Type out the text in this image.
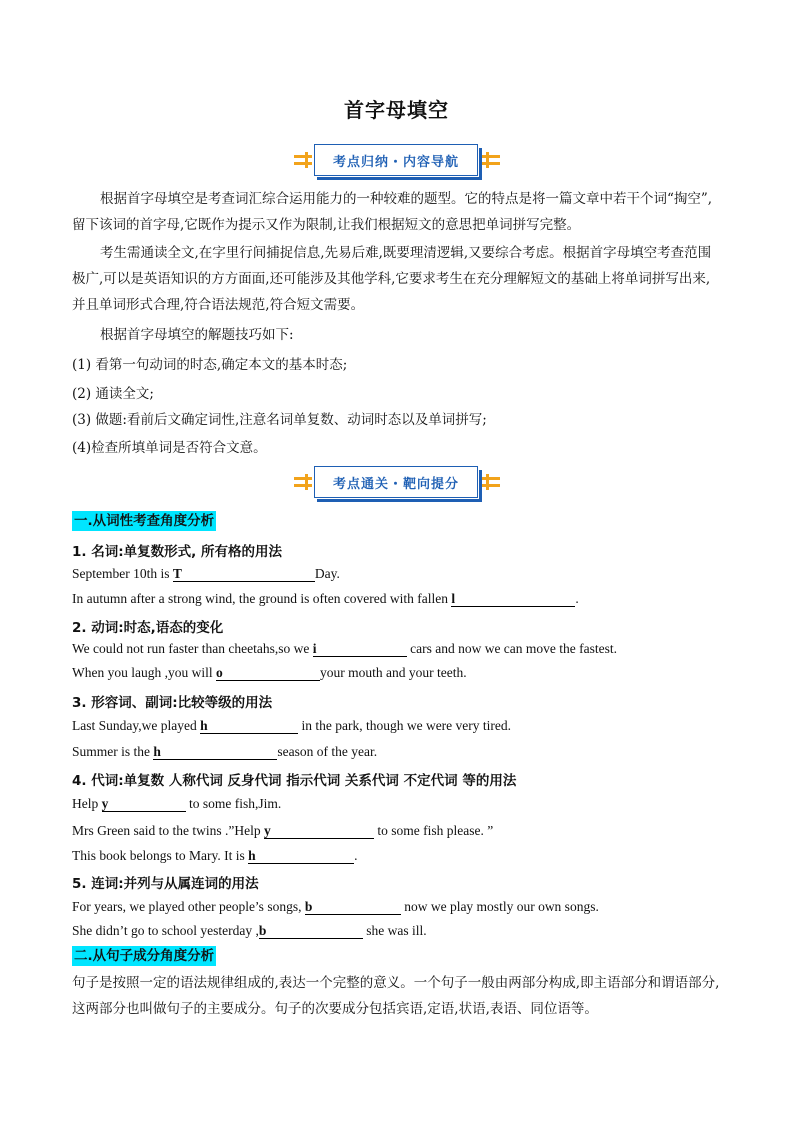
首字母填空
考点归纳・内容导航
根据首字母填空是考查词汇综合运用能力的一种较难的题型。它的特点是将一篇文章中若干个词“掏空”,留下该词的首字母,它既作为提示又作为限制,让我们根据短文的意思把单词拼写完整。
考生需通读全文,在字里行间捕捉信息,先易后难,既要理清逻辑,又要综合考虑。根据首字母填空考查范围极广,可以是英语知识的方方面面,还可能涉及其他学科,它要求考生在充分理解短文的基础上将单词拼写出来,并且单词形式合理,符合语法规范,符合短文需要。
根据首字母填空的解题技巧如下:
(1) 看第一句动词的时态,确定本文的基本时态;
(2) 通读全文;
(3) 做题:看前后文确定词性,注意名词单复数、动词时态以及单词拼写;
(4)检查所填单词是否符合文意。
考点通关・靶向提分
一.从词性考查角度分析
1. 名词:单复数形式, 所有格的用法
September 10th is T	Day.
In autumn after a strong wind, the ground is often covered with fallen l	.
2. 动词:时态,语态的变化
We could not run faster than cheetahs,so we i	cars and now we can move the fastest.
When you laugh ,you will o	your mouth and your teeth.
3. 形容词、副词:比较等级的用法
Last Sunday,we played h	in the park, though we were very tired.
Summer is the h	season of the year.
4. 代词:单复数 人称代词 反身代词 指示代词 关系代词 不定代词 等的用法
Help y	to some fish,Jim.
Mrs Green said to the twins .”Help y	to some fish please. ”
This book belongs to Mary. It is h	.
5. 连词:并列与从属连词的用法
For years, we played other people’s songs, b	now we play mostly our own songs.
She didn’t go to school yesterday ,b	she was ill.
二.从句子成分角度分析
句子是按照一定的语法规律组成的,表达一个完整的意义。一个句子一般由两部分构成,即主语部分和谓语部分,这两部分也叫做句子的主要成分。句子的次要成分包括宾语,定语,状语,表语、同位语等。
